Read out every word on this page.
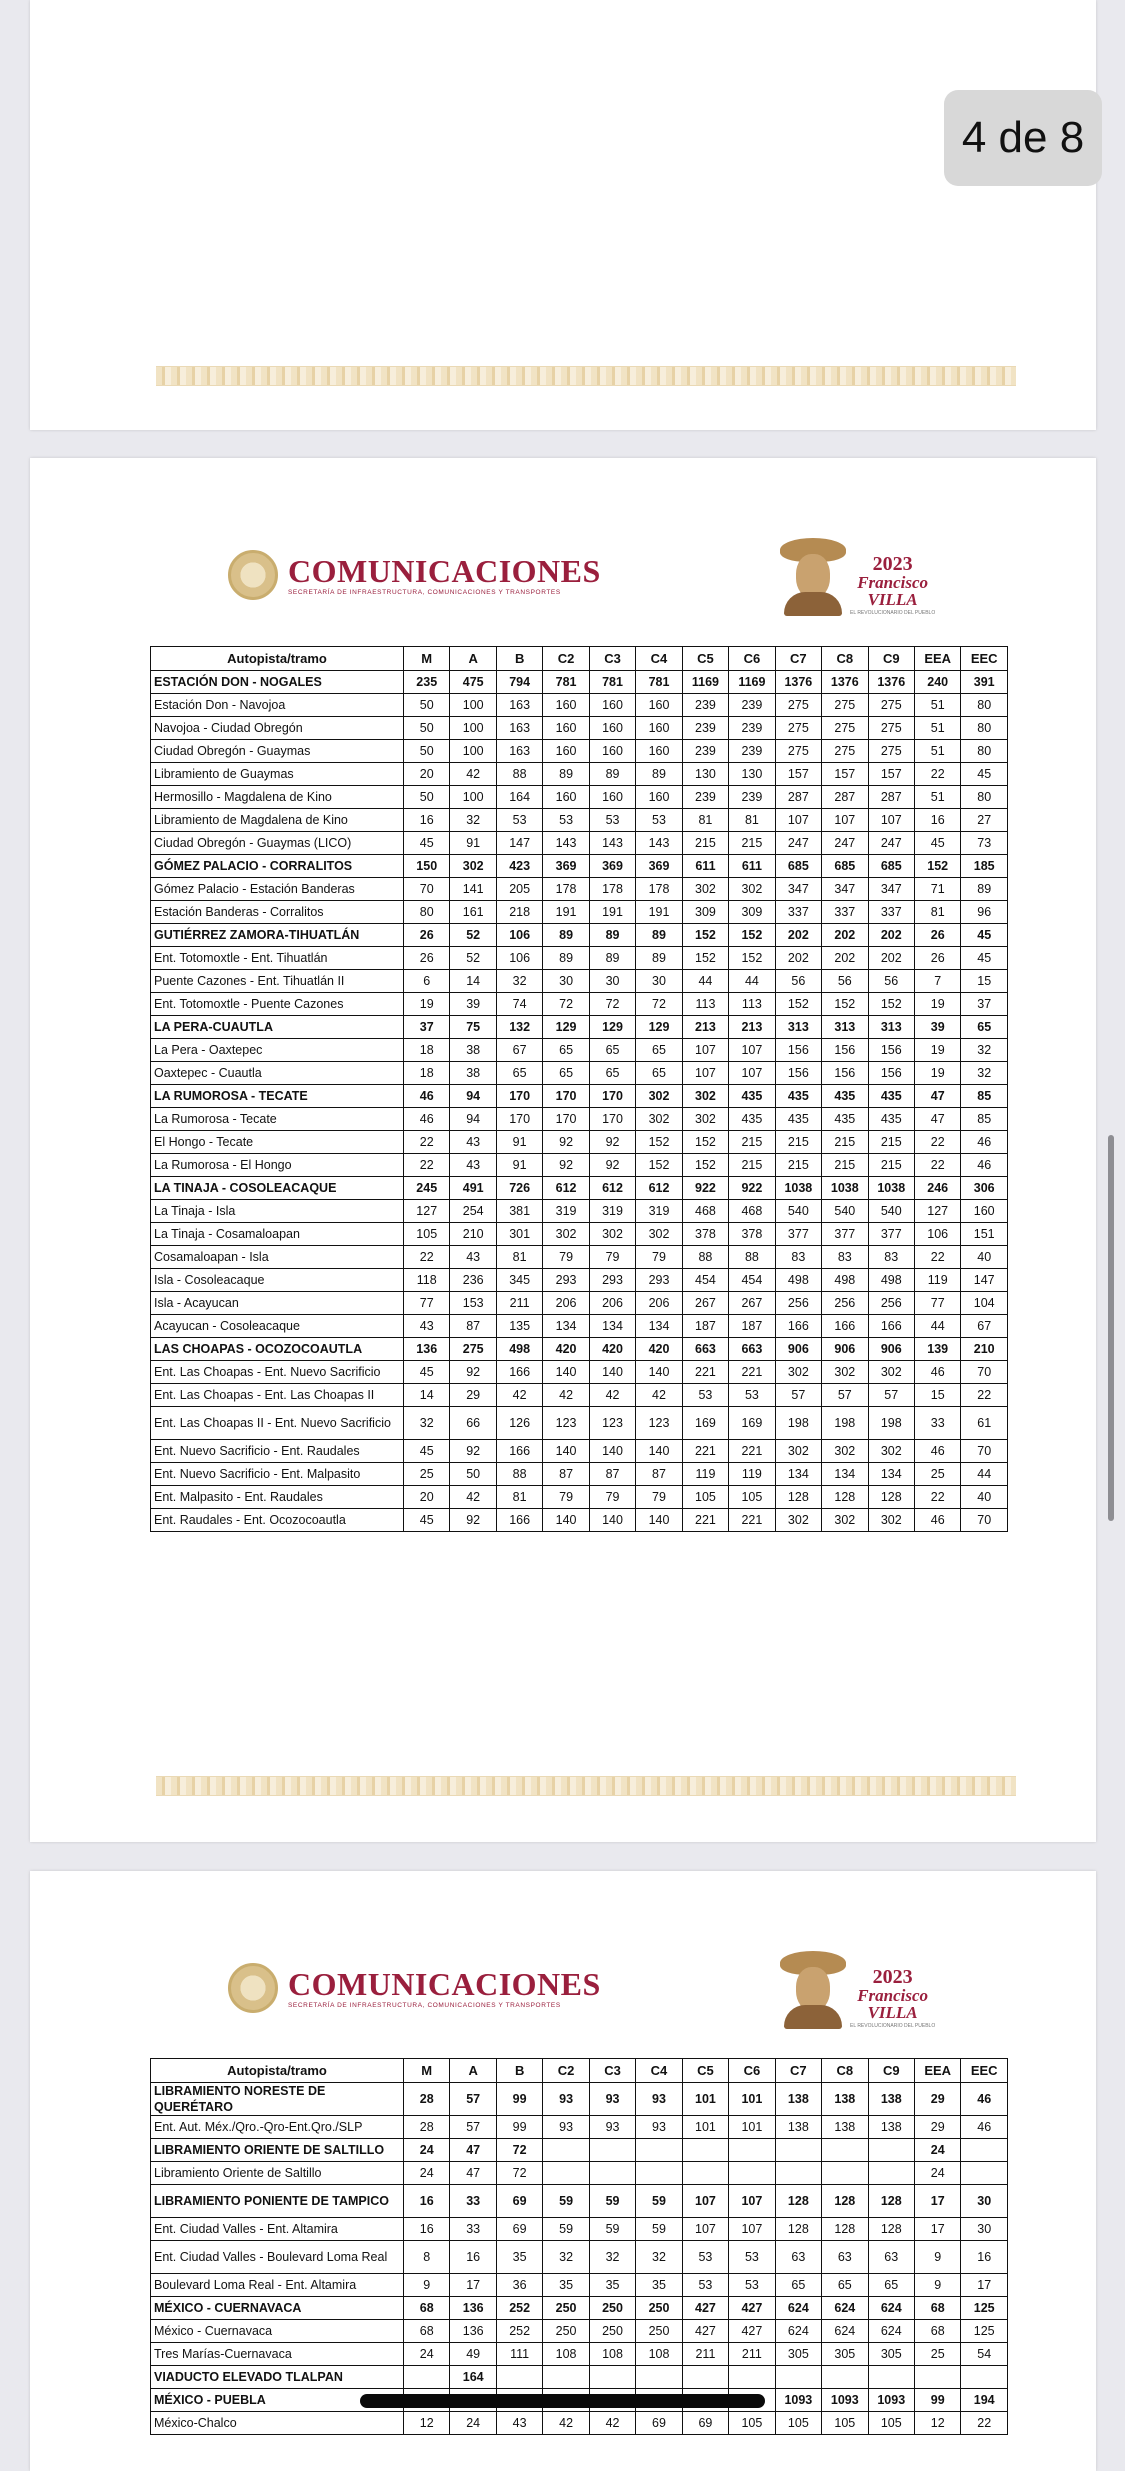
COMUNICACIONES
SECRETARÍA DE INFRAESTRUCTURA, COMUNICACIONES Y TRANSPORTES
2023
Francisco
VILLA
EL REVOLUCIONARIO DEL PUEBLO
Autopista/tramo	M	A	B	C2	C3	C4	C5	C6	C7	C8	C9	EEA	EEC
ESTACIÓN DON - NOGALES	235	475	794	781	781	781	1169	1169	1376	1376	1376	240	391
Estación Don - Navojoa	50	100	163	160	160	160	239	239	275	275	275	51	80
Navojoa - Ciudad Obregón	50	100	163	160	160	160	239	239	275	275	275	51	80
Ciudad Obregón - Guaymas	50	100	163	160	160	160	239	239	275	275	275	51	80
Libramiento de Guaymas	20	42	88	89	89	89	130	130	157	157	157	22	45
Hermosillo - Magdalena de Kino	50	100	164	160	160	160	239	239	287	287	287	51	80
Libramiento de Magdalena de Kino	16	32	53	53	53	53	81	81	107	107	107	16	27
Ciudad Obregón - Guaymas (LICO)	45	91	147	143	143	143	215	215	247	247	247	45	73
GÓMEZ PALACIO - CORRALITOS	150	302	423	369	369	369	611	611	685	685	685	152	185
Gómez Palacio - Estación Banderas	70	141	205	178	178	178	302	302	347	347	347	71	89
Estación Banderas - Corralitos	80	161	218	191	191	191	309	309	337	337	337	81	96
GUTIÉRREZ ZAMORA-TIHUATLÁN	26	52	106	89	89	89	152	152	202	202	202	26	45
Ent. Totomoxtle - Ent. Tihuatlán	26	52	106	89	89	89	152	152	202	202	202	26	45
Puente Cazones - Ent. Tihuatlán II	6	14	32	30	30	30	44	44	56	56	56	7	15
Ent. Totomoxtle - Puente Cazones	19	39	74	72	72	72	113	113	152	152	152	19	37
LA PERA-CUAUTLA	37	75	132	129	129	129	213	213	313	313	313	39	65
La Pera - Oaxtepec	18	38	67	65	65	65	107	107	156	156	156	19	32
Oaxtepec - Cuautla	18	38	65	65	65	65	107	107	156	156	156	19	32
LA RUMOROSA - TECATE	46	94	170	170	170	302	302	435	435	435	435	47	85
La Rumorosa - Tecate	46	94	170	170	170	302	302	435	435	435	435	47	85
El Hongo - Tecate	22	43	91	92	92	152	152	215	215	215	215	22	46
La Rumorosa - El Hongo	22	43	91	92	92	152	152	215	215	215	215	22	46
LA TINAJA - COSOLEACAQUE	245	491	726	612	612	612	922	922	1038	1038	1038	246	306
La Tinaja - Isla	127	254	381	319	319	319	468	468	540	540	540	127	160
La Tinaja - Cosamaloapan	105	210	301	302	302	302	378	378	377	377	377	106	151
Cosamaloapan - Isla	22	43	81	79	79	79	88	88	83	83	83	22	40
Isla - Cosoleacaque	118	236	345	293	293	293	454	454	498	498	498	119	147
Isla - Acayucan	77	153	211	206	206	206	267	267	256	256	256	77	104
Acayucan - Cosoleacaque	43	87	135	134	134	134	187	187	166	166	166	44	67
LAS CHOAPAS - OCOZOCOAUTLA	136	275	498	420	420	420	663	663	906	906	906	139	210
Ent. Las Choapas - Ent. Nuevo Sacrificio	45	92	166	140	140	140	221	221	302	302	302	46	70
Ent. Las Choapas - Ent. Las Choapas II	14	29	42	42	42	42	53	53	57	57	57	15	22
Ent. Las Choapas II - Ent. Nuevo Sacrificio	32	66	126	123	123	123	169	169	198	198	198	33	61
Ent. Nuevo Sacrificio - Ent. Raudales	45	92	166	140	140	140	221	221	302	302	302	46	70
Ent. Nuevo Sacrificio - Ent. Malpasito	25	50	88	87	87	87	119	119	134	134	134	25	44
Ent. Malpasito - Ent. Raudales	20	42	81	79	79	79	105	105	128	128	128	22	40
Ent. Raudales - Ent. Ocozocoautla	45	92	166	140	140	140	221	221	302	302	302	46	70
COMUNICACIONES
SECRETARÍA DE INFRAESTRUCTURA, COMUNICACIONES Y TRANSPORTES
2023
Francisco
VILLA
EL REVOLUCIONARIO DEL PUEBLO
Autopista/tramo	M	A	B	C2	C3	C4	C5	C6	C7	C8	C9	EEA	EEC
LIBRAMIENTO NORESTE DE QUERÉTARO	28	57	99	93	93	93	101	101	138	138	138	29	46
Ent. Aut. Méx./Qro.-Qro-Ent.Qro./SLP	28	57	99	93	93	93	101	101	138	138	138	29	46
LIBRAMIENTO ORIENTE DE SALTILLO	24	47	72									24	
Libramiento Oriente de Saltillo	24	47	72									24	
LIBRAMIENTO PONIENTE DE TAMPICO	16	33	69	59	59	59	107	107	128	128	128	17	30
Ent. Ciudad Valles - Ent. Altamira	16	33	69	59	59	59	107	107	128	128	128	17	30
Ent. Ciudad Valles - Boulevard Loma Real	8	16	35	32	32	32	53	53	63	63	63	9	16
Boulevard Loma Real - Ent. Altamira	9	17	36	35	35	35	53	53	65	65	65	9	17
MÉXICO - CUERNAVACA	68	136	252	250	250	250	427	427	624	624	624	68	125
México - Cuernavaca	68	136	252	250	250	250	427	427	624	624	624	68	125
Tres Marías-Cuernavaca	24	49	111	108	108	108	211	211	305	305	305	25	54
VIADUCTO ELEVADO TLALPAN		164											
MÉXICO - PUEBLA									1093	1093	1093	99	194
México-Chalco	12	24	43	42	42	69	69	105	105	105	105	12	22
4 de 8
